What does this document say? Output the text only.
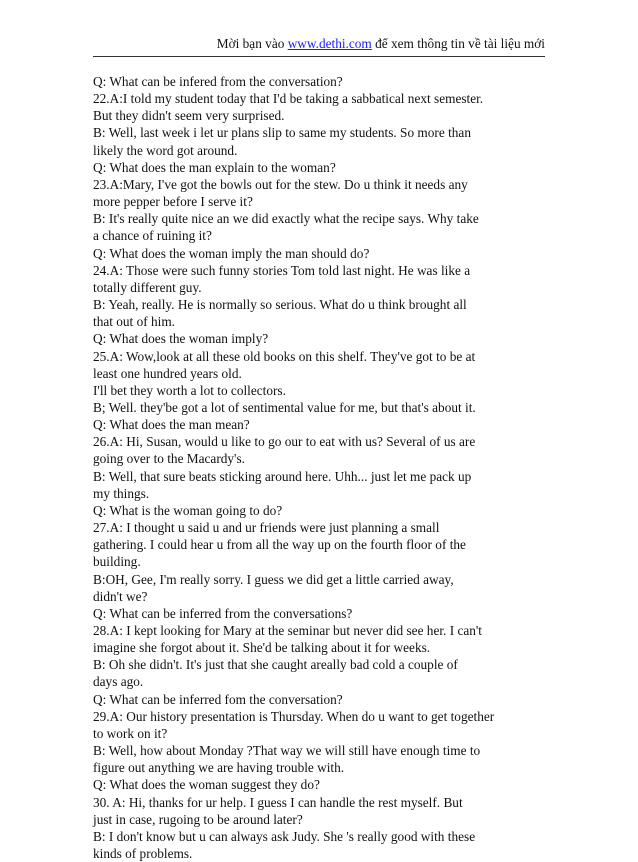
Mời bạn vào www.dethi.com để xem thông tin về tài liệu mới
Q: What can be infered from the conversation?
22.A:I told my student today that I'd be taking a sabbatical next semester.
But they didn't seem very surprised.
B: Well, last week i let ur plans slip to same my students. So more than
likely the word got around.
Q: What does the man explain to the woman?
23.A:Mary, I've got the bowls out for the stew. Do u think it needs any
more pepper before I serve it?
B: It's really quite nice an we did exactly what the recipe says. Why take
a chance of ruining it?
Q: What does the woman imply the man should do?
24.A: Those were such funny stories Tom told last night. He was like a
totally different guy.
B: Yeah, really. He is normally so serious. What do u think brought all
that out of him.
Q: What does the woman imply?
25.A: Wow,look at all these old books on this shelf. They've got to be at
least one hundred years old.
I'll bet they worth a lot to collectors.
B; Well. they'be got a lot of sentimental value for me, but that's about it.
Q: What does the man mean?
26.A: Hi, Susan, would u like to go our to eat with us? Several of us are
going over to the Macardy's.
B: Well, that sure beats sticking around here. Uhh... just let me pack up
my things.
Q: What is the woman going to do?
27.A: I thought u said u and ur friends were just planning a small
gathering. I could hear u from all the way up on the fourth floor of the
building.
B:OH, Gee, I'm really sorry. I guess we did get a little carried away,
didn't we?
Q: What can be inferred from the conversations?
28.A: I kept looking for Mary at the seminar but never did see her. I can't
imagine she forgot about it. She'd be talking about it for weeks.
B: Oh she didn't. It's just that she caught areally bad cold a couple of
days ago.
Q: What can be inferred fom the conversation?
29.A: Our history presentation is Thursday. When do u want to get together
to work on it?
B: Well, how about Monday ?That way we will still have enough time to
figure out anything we are having trouble with.
Q: What does the woman suggest they do?
30. A: Hi, thanks for ur help. I guess I can handle the rest myself. But
just in case, rugoing to be around later?
B: I don't know but u can always ask Judy. She 's really good with these
kinds of problems.
